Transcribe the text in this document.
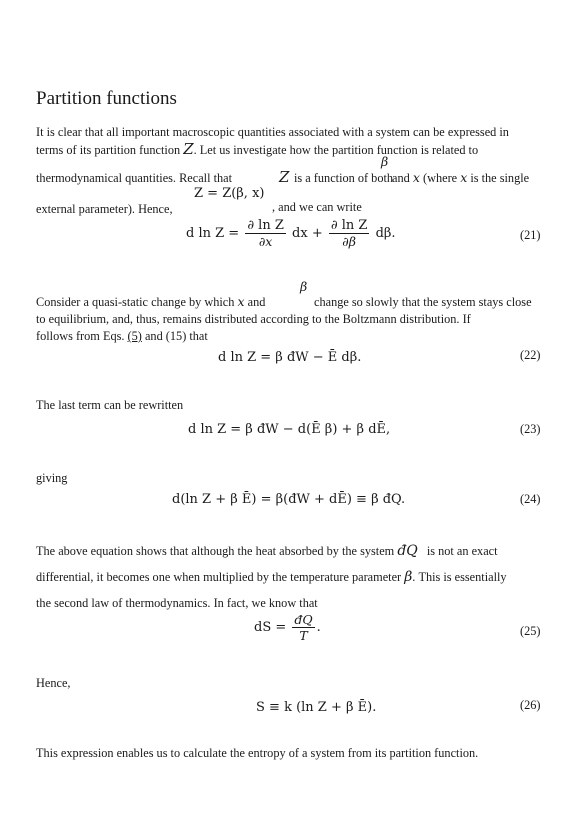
Partition functions
It is clear that all important macroscopic quantities associated with a system can be expressed in
terms of its partition function Z. Let us investigate how the partition function is related to
β
thermodynamical quantities. Recall that	Z is a function of both
and x (where x is the single
Z = Z(β, x)
external parameter). Hence,	, and we can write
d $\ln Z = \frac{\text{∂ ln Z}}{\partial x}$ dx + $\frac{\text{∂ ln Z}}{\partial\beta} d\beta$.	(21)
β
Consider a quasi-static change by which x and	change so slowly that the system stays close
to equilibrium, and, thus, remains distributed according to the Boltzmann distribution. If
follows from Eqs. (5) and (15) that
d ln Z = β đW − Ē dβ.	(22)
The last term can be rewritten
d ln Z = β đW − d(Ē β) + β dĒ,	(23)
giving
d(ln Z + β Ē) = β(đW + dĒ) ≡ β đQ.	(24)
The above equation shows that although the heat absorbed by the system đQ is not an exact
differential, it becomes one when multiplied by the temperature parameter β. This is essentially
the second law of thermodynamics. In fact, we know that
dS = $\frac{đQ}{T}$ .	(25)
Hence,
S ≡ k (ln Z + β Ē).	(26)
This expression enables us to calculate the entropy of a system from its partition function.
